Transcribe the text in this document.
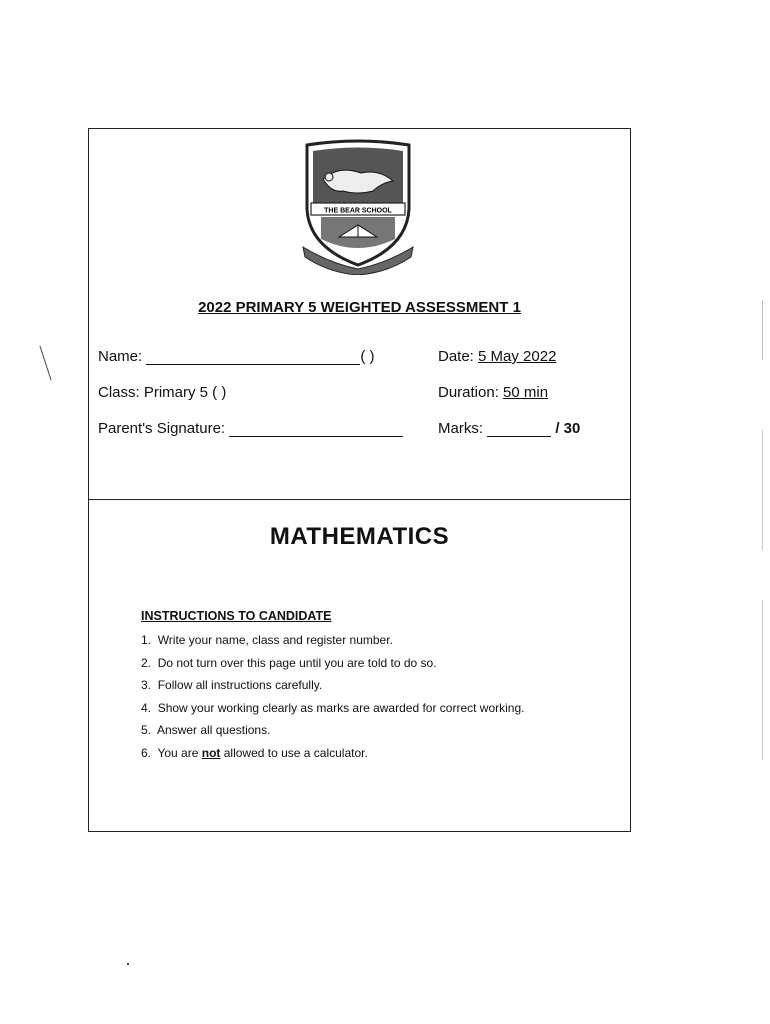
THE BEAR SCHOOL
2022 PRIMARY 5 WEIGHTED ASSESSMENT 1
Name:	( )	Date: 5 May 2022
Class: Primary 5 ( )	Duration: 50 min
Parent's Signature:	Marks:	/ 30
MATHEMATICS
INSTRUCTIONS TO CANDIDATE
1. Write your name, class and register number.
2. Do not turn over this page until you are told to do so.
3. Follow all instructions carefully.
4. Show your working clearly as marks are awarded for correct working.
5. Answer all questions.
6. You are not allowed to use a calculator.
